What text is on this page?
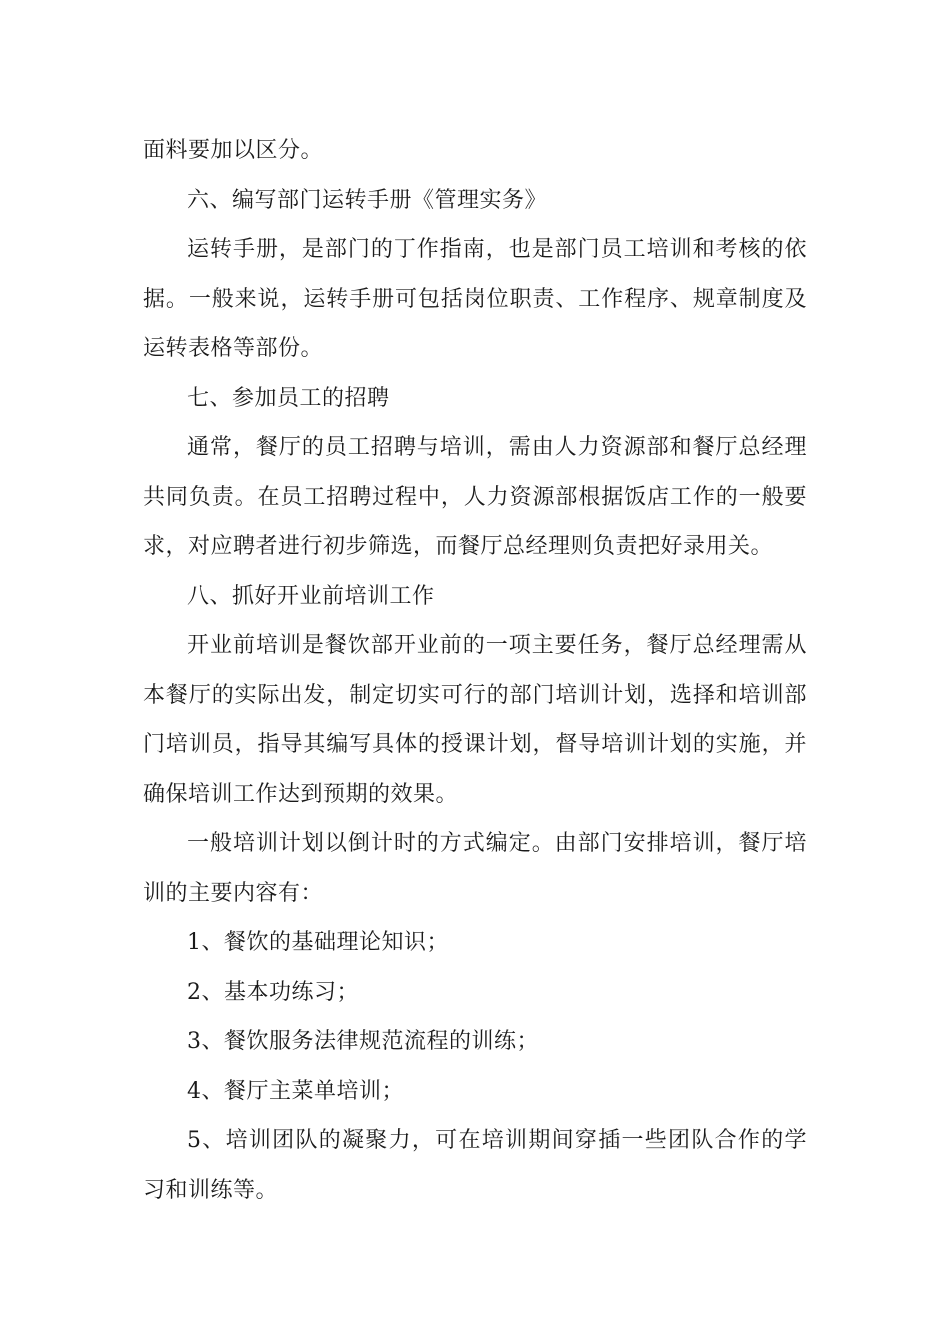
面料要加以区分。

六、编写部门运转手册《管理实务》

运转手册，是部门的丁作指南，也是部门员工培训和考核的依据。一般来说，运转手册可包括岗位职责、工作程序、规章制度及运转表格等部份。

七、参加员工的招聘

通常，餐厅的员工招聘与培训，需由人力资源部和餐厅总经理共同负责。在员工招聘过程中，人力资源部根据饭店工作的一般要求，对应聘者进行初步筛选，而餐厅总经理则负责把好录用关。

八、抓好开业前培训工作

开业前培训是餐饮部开业前的一项主要任务，餐厅总经理需从本餐厅的实际出发，制定切实可行的部门培训计划，选择和培训部门培训员，指导其编写具体的授课计划，督导培训计划的实施，并确保培训工作达到预期的效果。

一般培训计划以倒计时的方式编定。由部门安排培训，餐厅培训的主要内容有：

1、餐饮的基础理论知识；

2、基本功练习；

3、餐饮服务法律规范流程的训练；

4、餐厅主菜单培训；

5、培训团队的凝聚力，可在培训期间穿插一些团队合作的学习和训练等。
